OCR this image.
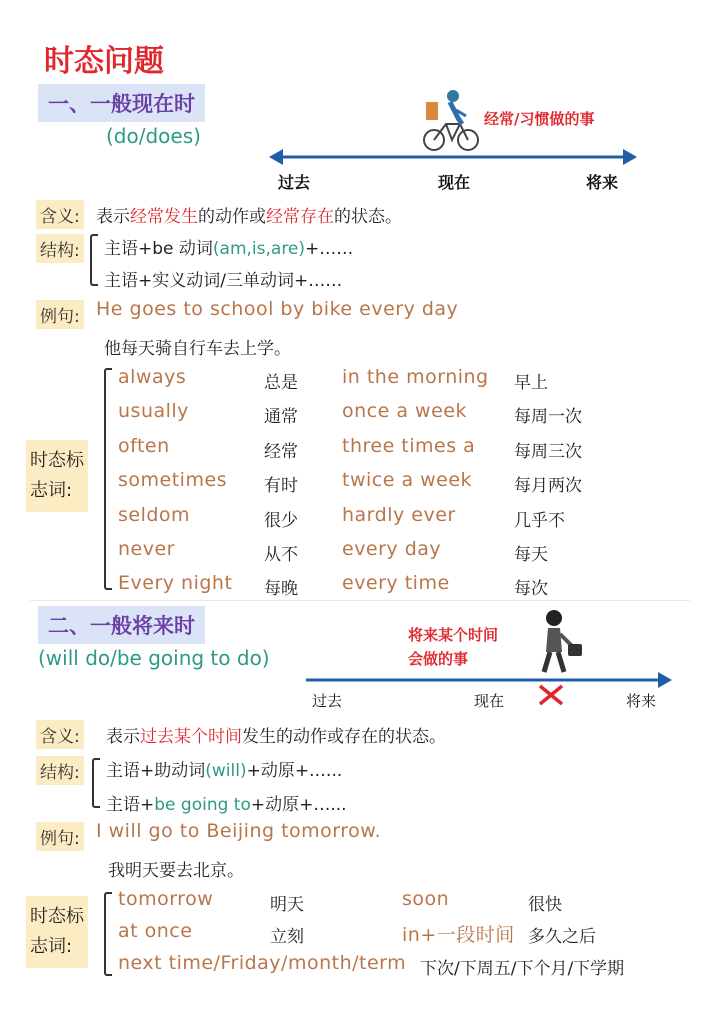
时态问题
一、一般现在时
(do/does)
经常/习惯做的事
过去	现在	将来
含义: 表示经常发生的动作或经常存在的状态。
结构: 主语+be 动词(am,is,are)+……
主语+实义动词/三单动词+……
例句: He goes to school by bike every day
他每天骑自行车去上学。
时态标
志词:
always	总是 in the morning 早上
usually	通常 once a week	每周一次
often	经常 three times a 每周三次
sometimes 有时 twice a week 每月两次
seldom	很少 hardly ever	几乎不
never	从不 every day	每天
Every night 每晚 every time	每次
二、一般将来时
(will do/be going to do)
将来某个时间
会做的事
过去	现在	将来
含义: 表示过去某个时间发生的动作或存在的状态。
结构: 主语+助动词(will)+动原+.…..
主语+be going to+动原+…...
例句: I will go to Beijing tomorrow.
我明天要去北京。
时态标
志词:
tomorrow	明天	soon	很快
at once	立刻	in+一段时间 多久之后
next time/Friday/month/term 下次/下周五/下个月/下学期
